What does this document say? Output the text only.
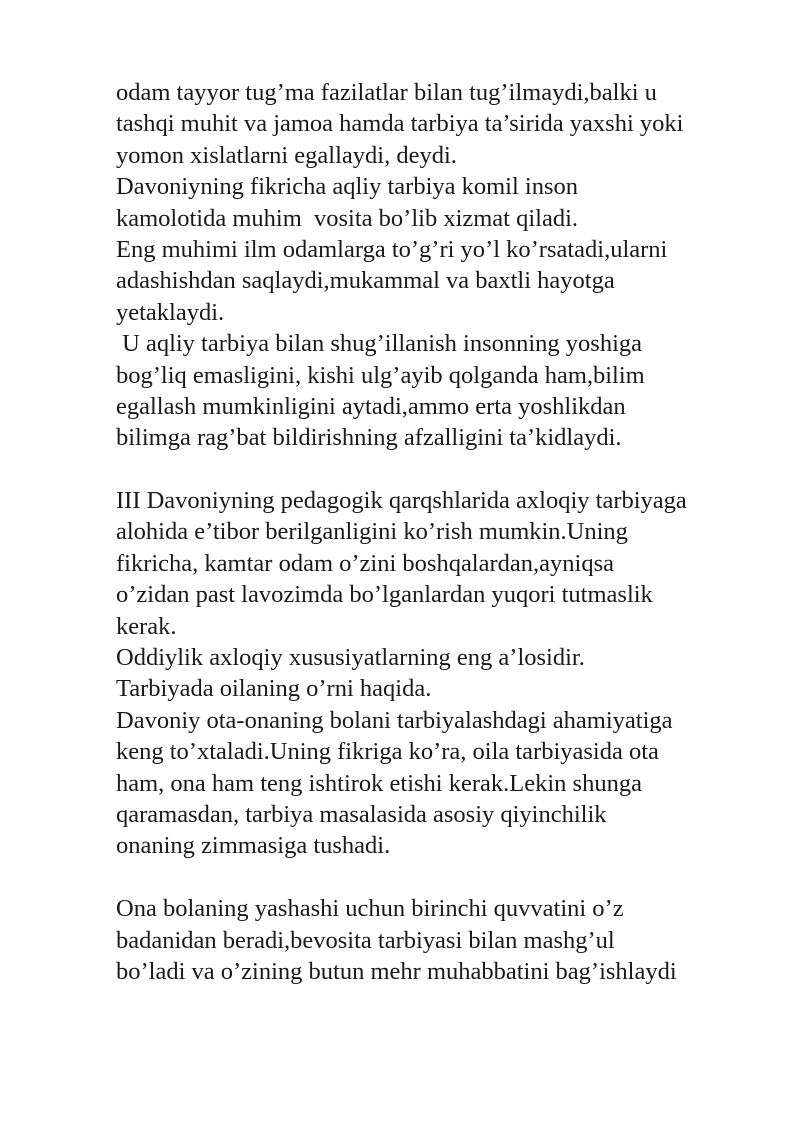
odam tayyor tug’ma fazilatlar bilan tug’ilmaydi,balki u
tashqi muhit va jamoa hamda tarbiya ta’sirida yaxshi yoki
yomon xislatlarni egallaydi, deydi.
Davoniyning fikricha aqliy tarbiya komil inson
kamolotida muhim  vosita bo’lib xizmat qiladi.
Eng muhimi ilm odamlarga to’g’ri yo’l ko’rsatadi,ularni
adashishdan saqlaydi,mukammal va baxtli hayotga
yetaklaydi.
U aqliy tarbiya bilan shug’illanish insonning yoshiga
bog’liq emasligini, kishi ulg’ayib qolganda ham,bilim
egallash mumkinligini aytadi,ammo erta yoshlikdan
bilimga rag’bat bildirishning afzalligini ta’kidlaydi.
III Davoniyning pedagogik qarqshlarida axloqiy tarbiyaga
alohida e’tibor berilganligini ko’rish mumkin.Uning
fikricha, kamtar odam o’zini boshqalardan,ayniqsa
o’zidan past lavozimda bo’lganlardan yuqori tutmaslik
kerak.
Oddiylik axloqiy xususiyatlarning eng a’losidir.
Tarbiyada oilaning o’rni haqida.
Davoniy ota-onaning bolani tarbiyalashdagi ahamiyatiga
keng to’xtaladi.Uning fikriga ko’ra, oila tarbiyasida ota
ham, ona ham teng ishtirok etishi kerak.Lekin shunga
qaramasdan, tarbiya masalasida asosiy qiyinchilik
onaning zimmasiga tushadi.
Ona bolaning yashashi uchun birinchi quvvatini o’z
badanidan beradi,bevosita tarbiyasi bilan mashg’ul
bo’ladi va o’zining butun mehr muhabbatini bag’ishlaydi
